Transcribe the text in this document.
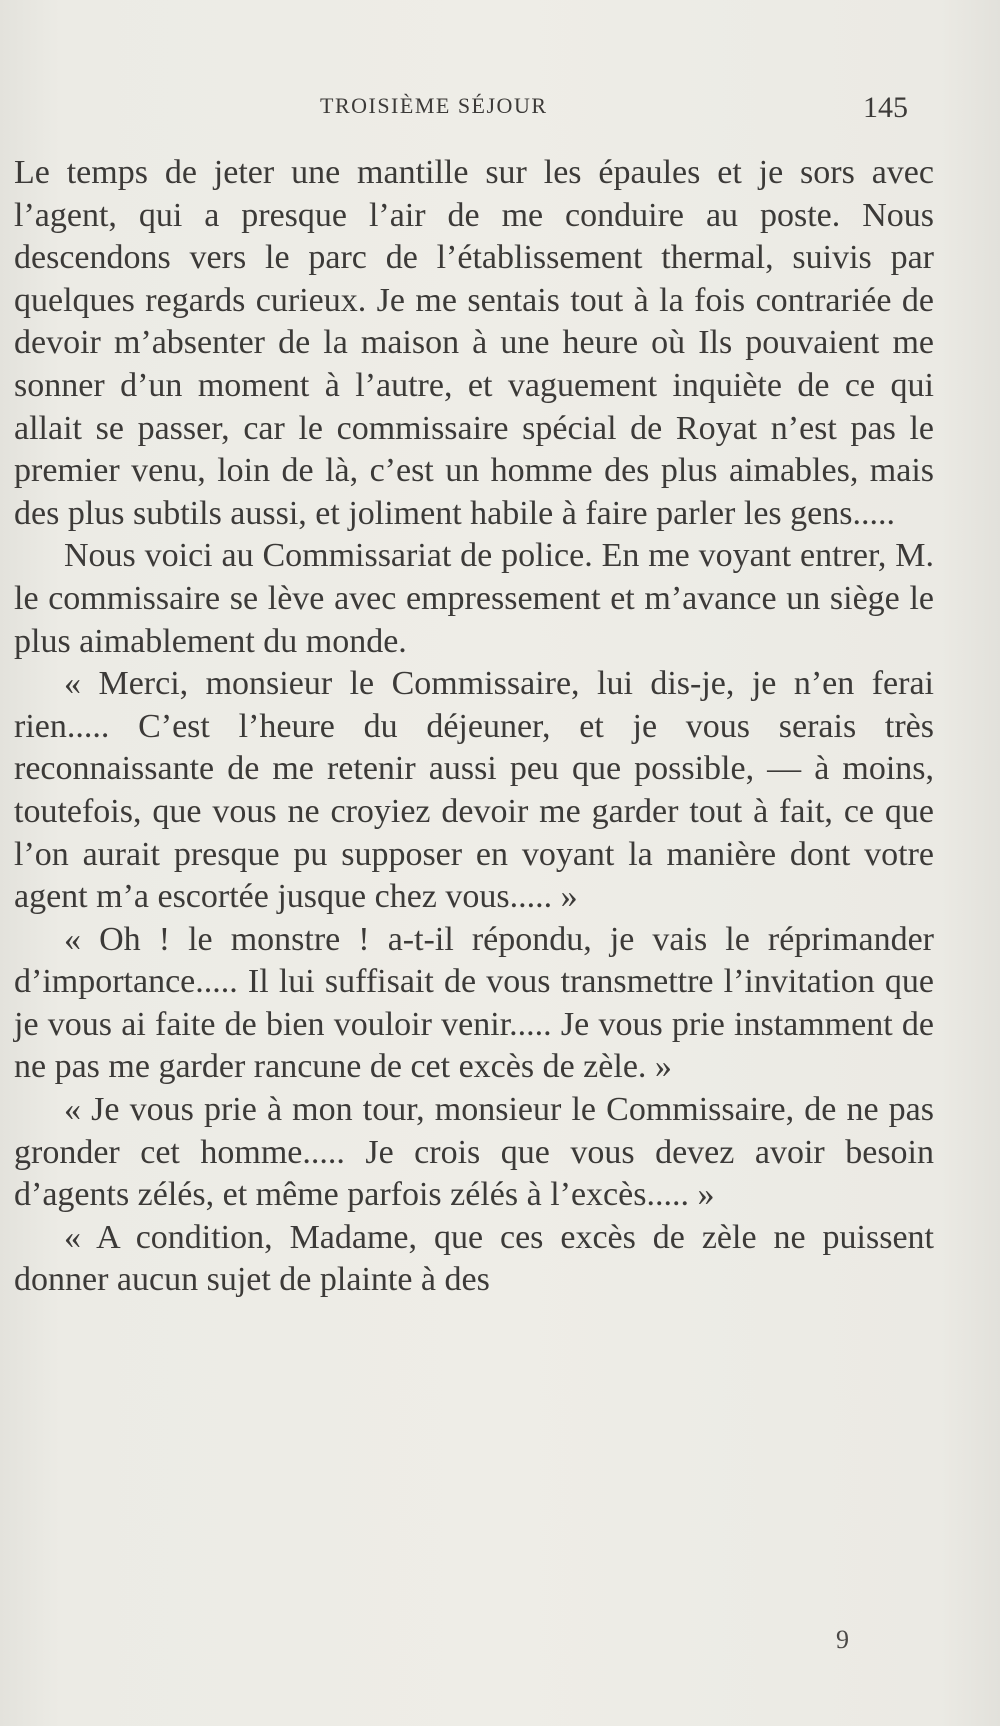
TROISIÈME SÉJOUR	145

Le temps de jeter une mantille sur les épaules et je sors avec l’agent, qui a presque l’air de me conduire au poste. Nous descendons vers le parc de l’établissement thermal, suivis par quelques regards curieux. Je me sentais tout à la fois contrariée de devoir m’absenter de la maison à une heure où Ils pouvaient me sonner d’un moment à l’autre, et vaguement inquiète de ce qui allait se passer, car le commissaire spécial de Royat n’est pas le premier venu, loin de là, c’est un homme des plus aimables, mais des plus subtils aussi, et joliment habile à faire parler les gens.....

Nous voici au Commissariat de police. En me voyant entrer, M. le commissaire se lève avec empressement et m’avance un siège le plus aimablement du monde.

« Merci, monsieur le Commissaire, lui dis-je, je n’en ferai rien..... C’est l’heure du déjeuner, et je vous serais très reconnaissante de me retenir aussi peu que possible, — à moins, toutefois, que vous ne croyiez devoir me garder tout à fait, ce que l’on aurait presque pu supposer en voyant la manière dont votre agent m’a escortée jusque chez vous..... »

« Oh ! le monstre ! a-t-il répondu, je vais le réprimander d’importance..... Il lui suffisait de vous transmettre l’invitation que je vous ai faite de bien vouloir venir..... Je vous prie instamment de ne pas me garder rancune de cet excès de zèle. »

« Je vous prie à mon tour, monsieur le Commissaire, de ne pas gronder cet homme..... Je crois que vous devez avoir besoin d’agents zélés, et même parfois zélés à l’excès..... »

« A condition, Madame, que ces excès de zèle ne puissent donner aucun sujet de plainte à des

9
